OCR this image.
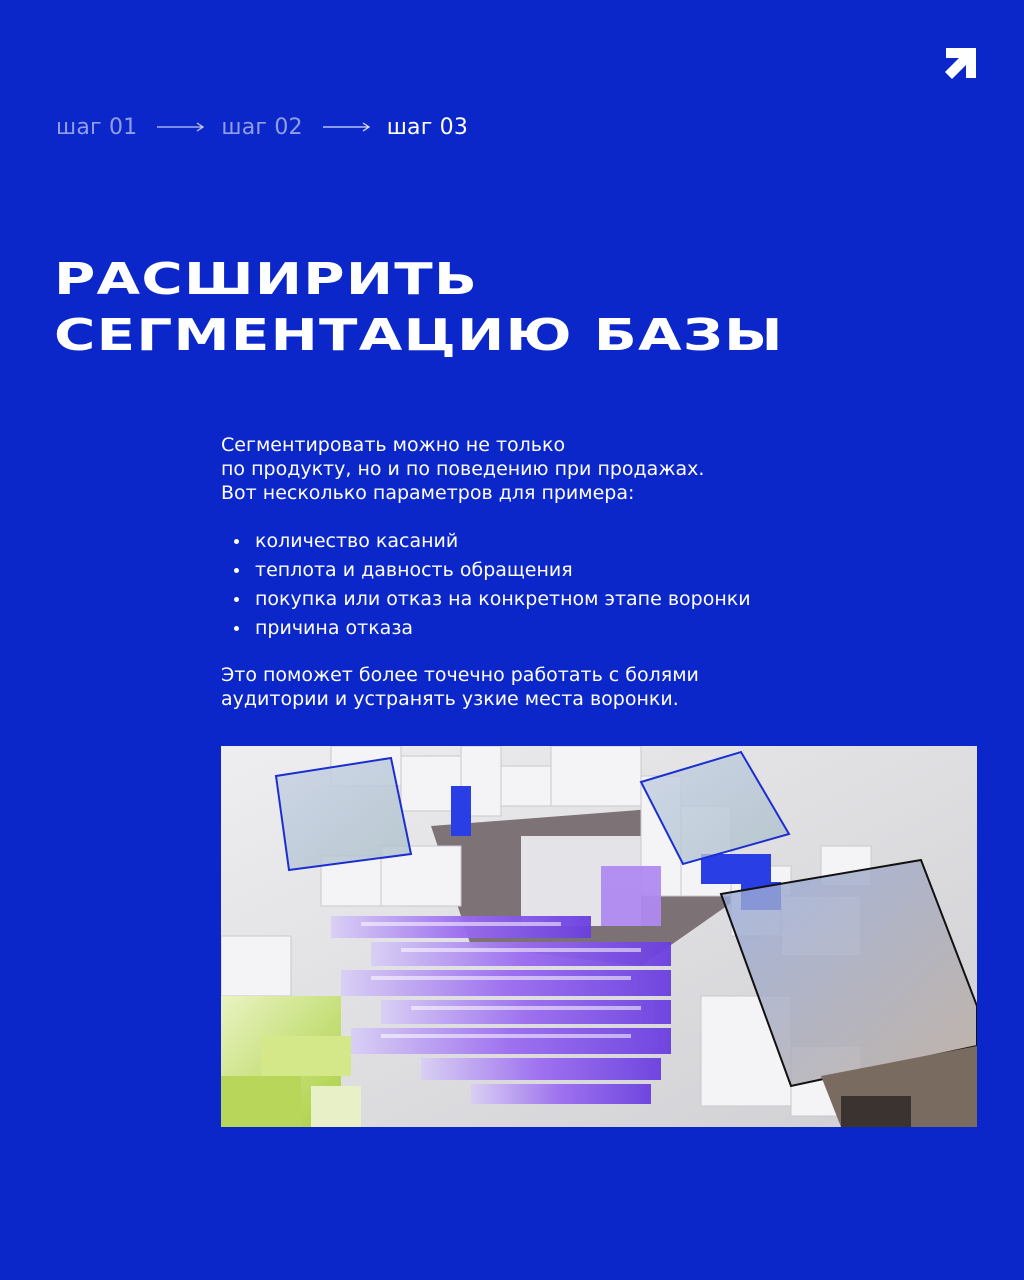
шаг 01	шаг 02	шаг 03
РАСШИРИТЬ
СЕГМЕНТАЦИЮ БАЗЫ
Сегментировать можно не только
по продукту, но и по поведению при продажах.
Вот несколько параметров для примера:
количество касаний
теплота и давность обращения
покупка или отказ на конкретном этапе воронки
причина отказа
Это поможет более точечно работать с болями
аудитории и устранять узкие места воронки.
